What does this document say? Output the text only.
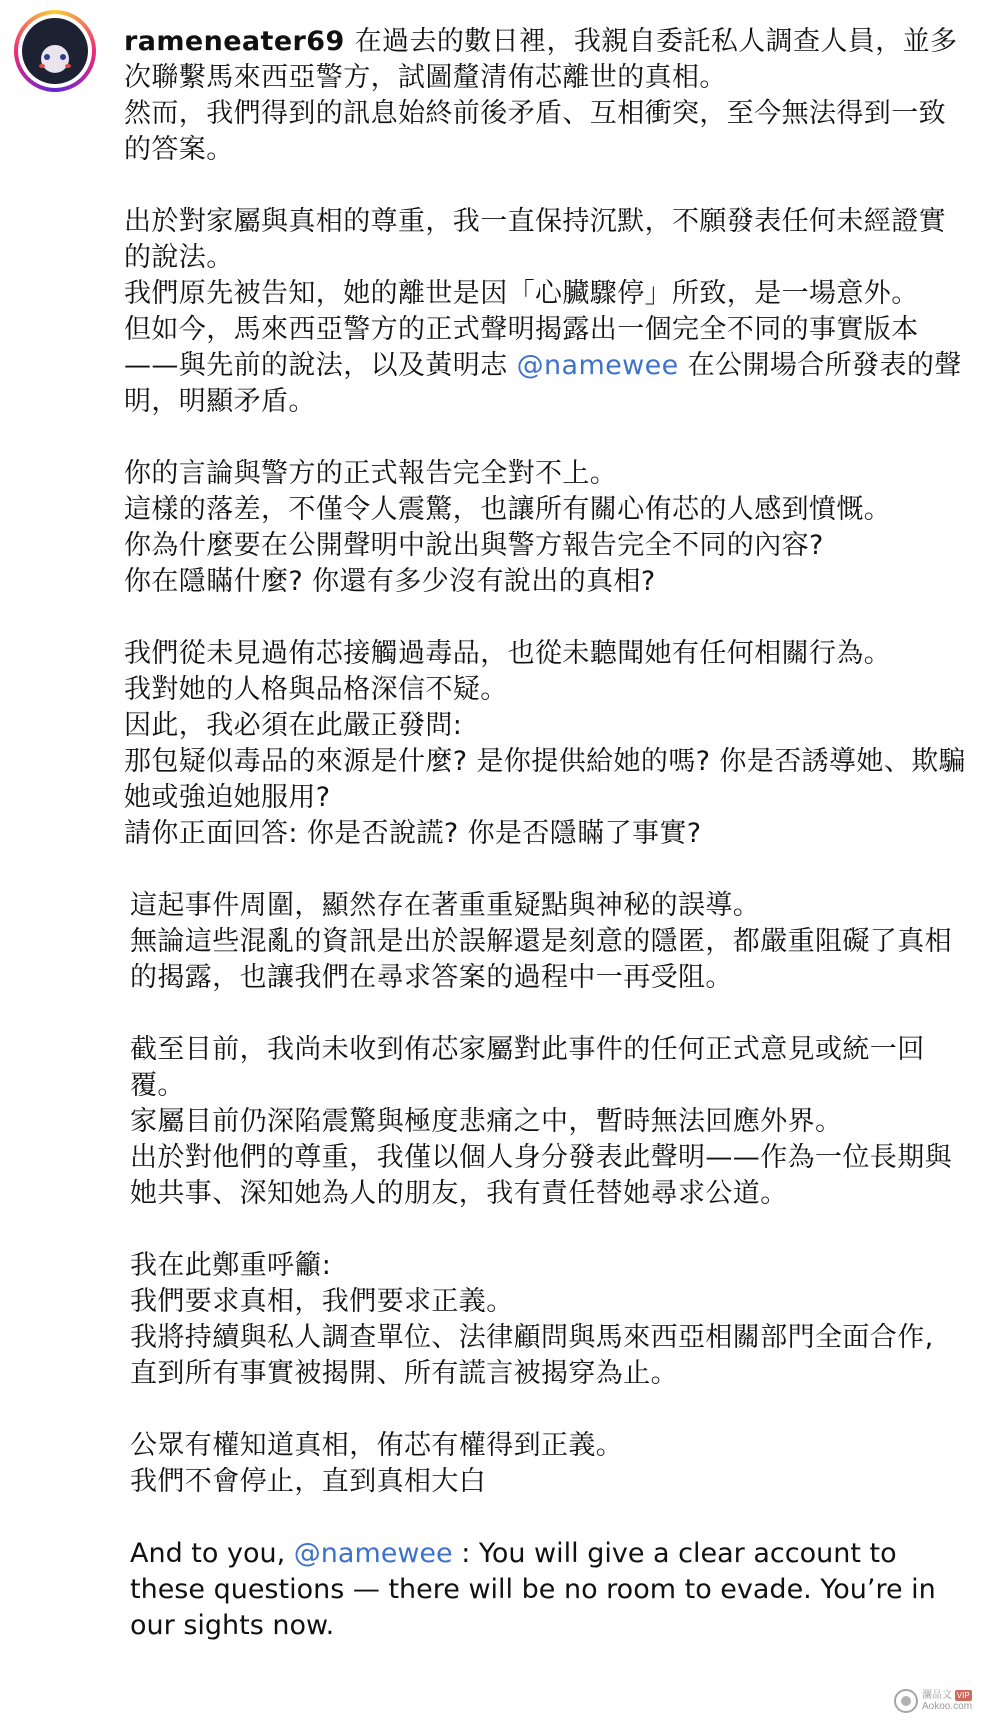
rameneater69 在過去的數日裡，我親自委託私人調查人員，並多次聯繫馬來西亞警方，試圖釐清侑芯離世的真相。

然而，我們得到的訊息始終前後矛盾、互相衝突，至今無法得到一致的答案。

出於對家屬與真相的尊重，我一直保持沉默，不願發表任何未經證實的說法。

我們原先被告知，她的離世是因「心臟驟停」所致，是一場意外。

但如今，馬來西亞警方的正式聲明揭露出一個完全不同的事實版本——與先前的說法，以及黃明志 @namewee 在公開場合所發表的聲明，明顯矛盾。

你的言論與警方的正式報告完全對不上。

這樣的落差，不僅令人震驚，也讓所有關心侑芯的人感到憤慨。

你為什麼要在公開聲明中說出與警方報告完全不同的內容?

你在隱瞞什麼? 你還有多少沒有說出的真相?

我們從未見過侑芯接觸過毒品，也從未聽聞她有任何相關行為。

我對她的人格與品格深信不疑。

因此，我必須在此嚴正發問:

那包疑似毒品的來源是什麼? 是你提供給她的嗎? 你是否誘導她、欺騙她或強迫她服用?

請你正面回答: 你是否說謊? 你是否隱瞞了事實?

這起事件周圍，顯然存在著重重疑點與神秘的誤導。

無論這些混亂的資訊是出於誤解還是刻意的隱匿，都嚴重阻礙了真相的揭露，也讓我們在尋求答案的過程中一再受阻。

截至目前，我尚未收到侑芯家屬對此事件的任何正式意見或統一回覆。

家屬目前仍深陷震驚與極度悲痛之中，暫時無法回應外界。

出於對他們的尊重，我僅以個人身分發表此聲明——作為一位長期與她共事、深知她為人的朋友，我有責任替她尋求公道。

我在此鄭重呼籲:

我們要求真相，我們要求正義。

我將持續與私人調查單位、法律顧問與馬來西亞相關部門全面合作,

直到所有事實被揭開、所有謊言被揭穿為止。

公眾有權知道真相，侑芯有權得到正義。

我們不會停止，直到真相大白

And to you, @namewee : You will give a clear account to these questions — there will be no room to evade. You’re in our sights now.

瀾品文 VIP
Aokoo.com
